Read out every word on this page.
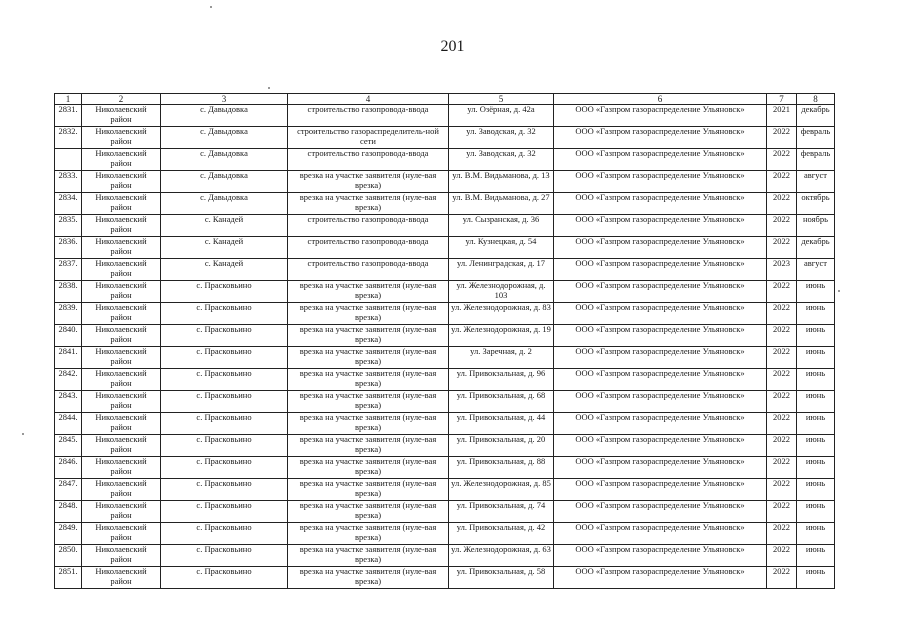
201
1	2	3	4	5	6	7	8
2831.	Николаевский район	с. Давыдовка	строительство газопровода-ввода	ул. Озёрная, д. 42а	ООО «Газпром газораспределение Ульяновск»	2021	декабрь
2832.	Николаевский район	с. Давыдовка	строительство газораспределитель-ной сети	ул. Заводская, д. 32	ООО «Газпром газораспределение Ульяновск»	2022	февраль
	Николаевский район	с. Давыдовка	строительство газопровода-ввода	ул. Заводская, д. 32	ООО «Газпром газораспределение Ульяновск»	2022	февраль
2833.	Николаевский район	с. Давыдовка	врезка на участке заявителя (нуле-вая врезка)	ул. В.М. Видьманова, д. 13	ООО «Газпром газораспределение Ульяновск»	2022	август
2834.	Николаевский район	с. Давыдовка	врезка на участке заявителя (нуле-вая врезка)	ул. В.М. Видьманова, д. 27	ООО «Газпром газораспределение Ульяновск»	2022	октябрь
2835.	Николаевский район	с. Канадей	строительство газопровода-ввода	ул. Сызранская, д. 36	ООО «Газпром газораспределение Ульяновск»	2022	ноябрь
2836.	Николаевский район	с. Канадей	строительство газопровода-ввода	ул. Кузнецкая, д. 54	ООО «Газпром газораспределение Ульяновск»	2022	декабрь
2837.	Николаевский район	с. Канадей	строительство газопровода-ввода	ул. Ленинградская, д. 17	ООО «Газпром газораспределение Ульяновск»	2023	август
2838.	Николаевский район	с. Прасковьино	врезка на участке заявителя (нуле-вая врезка)	ул. Железнодорожная, д. 103	ООО «Газпром газораспределение Ульяновск»	2022	июнь
2839.	Николаевский район	с. Прасковьино	врезка на участке заявителя (нуле-вая врезка)	ул. Железнодорожная, д. 83	ООО «Газпром газораспределение Ульяновск»	2022	июнь
2840.	Николаевский район	с. Прасковьино	врезка на участке заявителя (нуле-вая врезка)	ул. Железнодорожная, д. 19	ООО «Газпром газораспределение Ульяновск»	2022	июнь
2841.	Николаевский район	с. Прасковьино	врезка на участке заявителя (нуле-вая врезка)	ул. Заречная, д. 2	ООО «Газпром газораспределение Ульяновск»	2022	июнь
2842.	Николаевский район	с. Прасковьино	врезка на участке заявителя (нуле-вая врезка)	ул. Привокзальная, д. 96	ООО «Газпром газораспределение Ульяновск»	2022	июнь
2843.	Николаевский район	с. Прасковьино	врезка на участке заявителя (нуле-вая врезка)	ул. Привокзальная, д. 68	ООО «Газпром газораспределение Ульяновск»	2022	июнь
2844.	Николаевский район	с. Прасковьино	врезка на участке заявителя (нуле-вая врезка)	ул. Привокзальная, д. 44	ООО «Газпром газораспределение Ульяновск»	2022	июнь
2845.	Николаевский район	с. Прасковьино	врезка на участке заявителя (нуле-вая врезка)	ул. Привокзальная, д. 20	ООО «Газпром газораспределение Ульяновск»	2022	июнь
2846.	Николаевский район	с. Прасковьино	врезка на участке заявителя (нуле-вая врезка)	ул. Привокзальная, д. 88	ООО «Газпром газораспределение Ульяновск»	2022	июнь
2847.	Николаевский район	с. Прасковьино	врезка на участке заявителя (нуле-вая врезка)	ул. Железнодорожная, д. 85	ООО «Газпром газораспределение Ульяновск»	2022	июнь
2848.	Николаевский район	с. Прасковьино	врезка на участке заявителя (нуле-вая врезка)	ул. Привокзальная, д. 74	ООО «Газпром газораспределение Ульяновск»	2022	июнь
2849.	Николаевский район	с. Прасковьино	врезка на участке заявителя (нуле-вая врезка)	ул. Привокзальная, д. 42	ООО «Газпром газораспределение Ульяновск»	2022	июнь
2850.	Николаевский район	с. Прасковьино	врезка на участке заявителя (нуле-вая врезка)	ул. Железнодорожная, д. 63	ООО «Газпром газораспределение Ульяновск»	2022	июнь
2851.	Николаевский район	с. Прасковьино	врезка на участке заявителя (нуле-вая врезка)	ул. Привокзальная, д. 58	ООО «Газпром газораспределение Ульяновск»	2022	июнь
